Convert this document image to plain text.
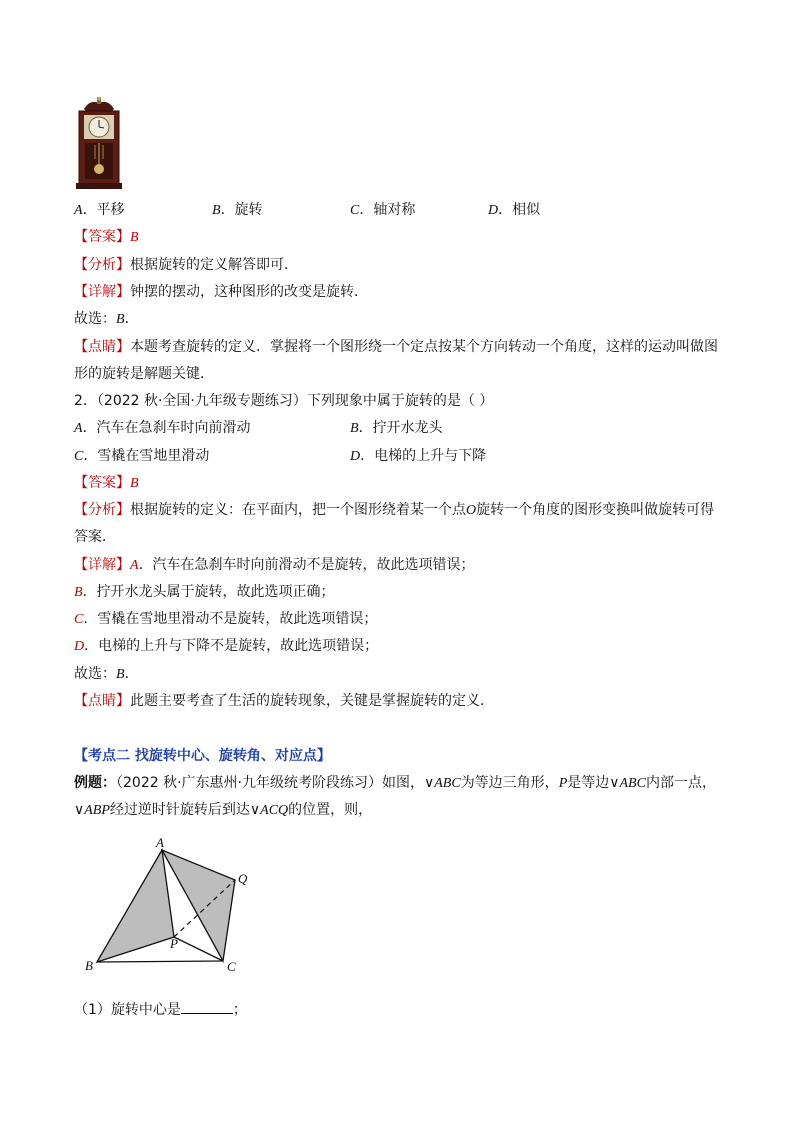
A．平移	B．旋转	C．轴对称	D．相似
【答案】B
【分析】根据旋转的定义解答即可．
【详解】钟摆的摆动，这种图形的改变是旋转．
故选：B．
【点睛】本题考查旋转的定义．掌握将一个图形绕一个定点按某个方向转动一个角度，这样的运动叫做图
形的旋转是解题关键．
2．（2022 秋·全国·九年级专题练习）下列现象中属于旋转的是（ ）
A．汽车在急刹车时向前滑动	B．拧开水龙头
C．雪橇在雪地里滑动	D．电梯的上升与下降
【答案】B
【分析】根据旋转的定义：在平面内，把一个图形绕着某一个点O旋转一个角度的图形变换叫做旋转可得
答案．
【详解】A．汽车在急刹车时向前滑动不是旋转，故此选项错误；
B．拧开水龙头属于旋转，故此选项正确；
C．雪橇在雪地里滑动不是旋转，故此选项错误；
D．电梯的上升与下降不是旋转，故此选项错误；
故选：B．
【点睛】此题主要考查了生活的旋转现象，关键是掌握旋转的定义．
【考点二 找旋转中心、旋转角、对应点】
例题：（2022 秋·广东惠州·九年级统考阶段练习）如图，∨ABC为等边三角形，P是等边∨ABC内部一点，
∨ABP经过逆时针旋转后到达∨ACQ的位置，则，
A
B	C
P
Q
（1）旋转中心是	；
